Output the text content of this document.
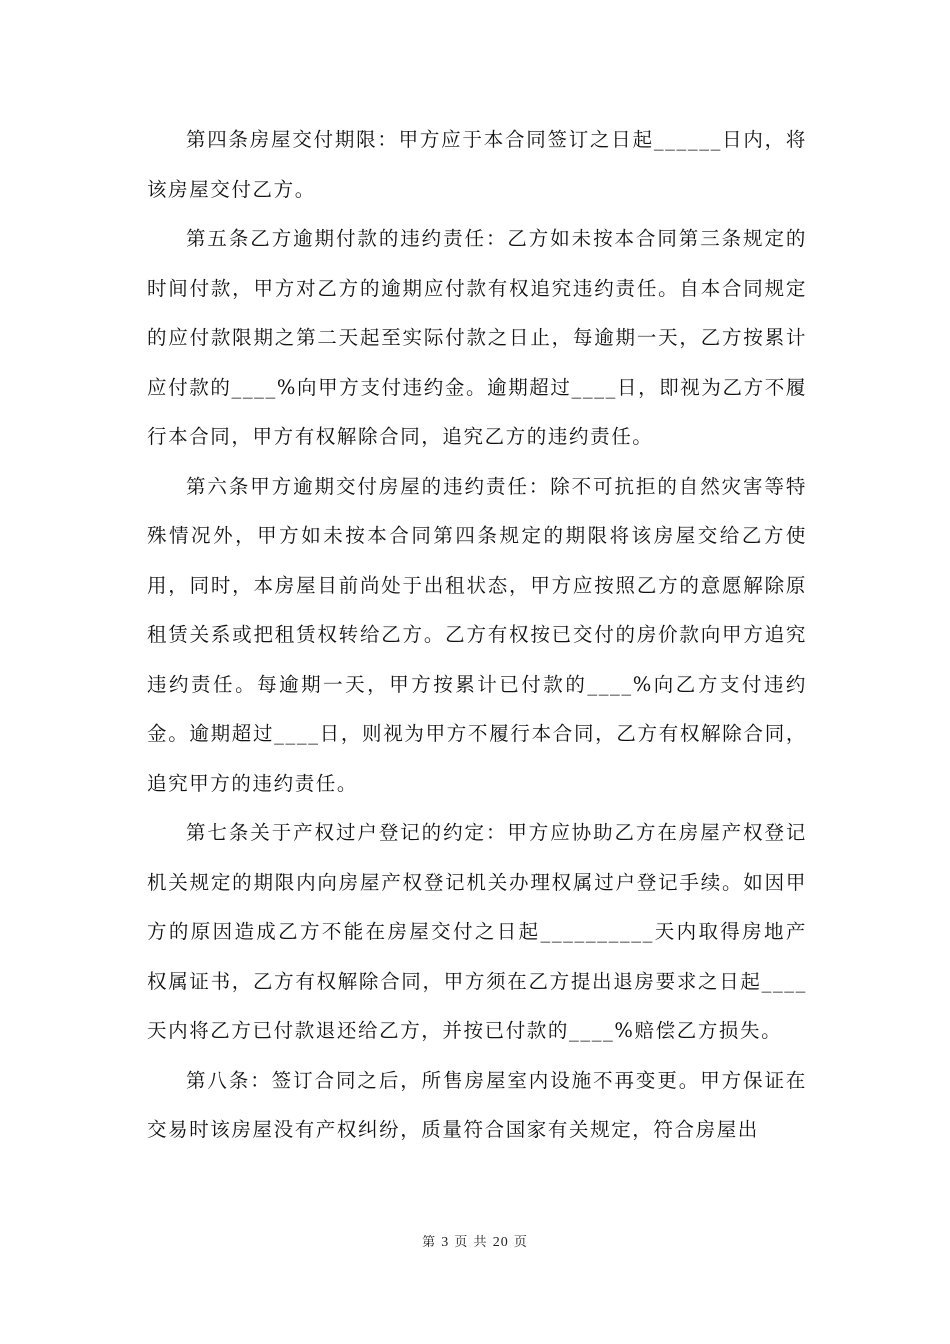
第四条房屋交付期限：甲方应于本合同签订之日起______日内，将该房屋交付乙方。

第五条乙方逾期付款的违约责任：乙方如未按本合同第三条规定的时间付款，甲方对乙方的逾期应付款有权追究违约责任。自本合同规定的应付款限期之第二天起至实际付款之日止，每逾期一天，乙方按累计应付款的____%向甲方支付违约金。逾期超过____日，即视为乙方不履行本合同，甲方有权解除合同，追究乙方的违约责任。

第六条甲方逾期交付房屋的违约责任：除不可抗拒的自然灾害等特殊情况外，甲方如未按本合同第四条规定的期限将该房屋交给乙方使用，同时，本房屋目前尚处于出租状态，甲方应按照乙方的意愿解除原租赁关系或把租赁权转给乙方。乙方有权按已交付的房价款向甲方追究违约责任。每逾期一天，甲方按累计已付款的____%向乙方支付违约金。逾期超过____日，则视为甲方不履行本合同，乙方有权解除合同，追究甲方的违约责任。

第七条关于产权过户登记的约定：甲方应协助乙方在房屋产权登记机关规定的期限内向房屋产权登记机关办理权属过户登记手续。如因甲方的原因造成乙方不能在房屋交付之日起__________天内取得房地产权属证书，乙方有权解除合同，甲方须在乙方提出退房要求之日起____天内将乙方已付款退还给乙方，并按已付款的____%赔偿乙方损失。

第八条：签订合同之后，所售房屋室内设施不再变更。甲方保证在交易时该房屋没有产权纠纷，质量符合国家有关规定，符合房屋出

第 3 页 共 20 页
